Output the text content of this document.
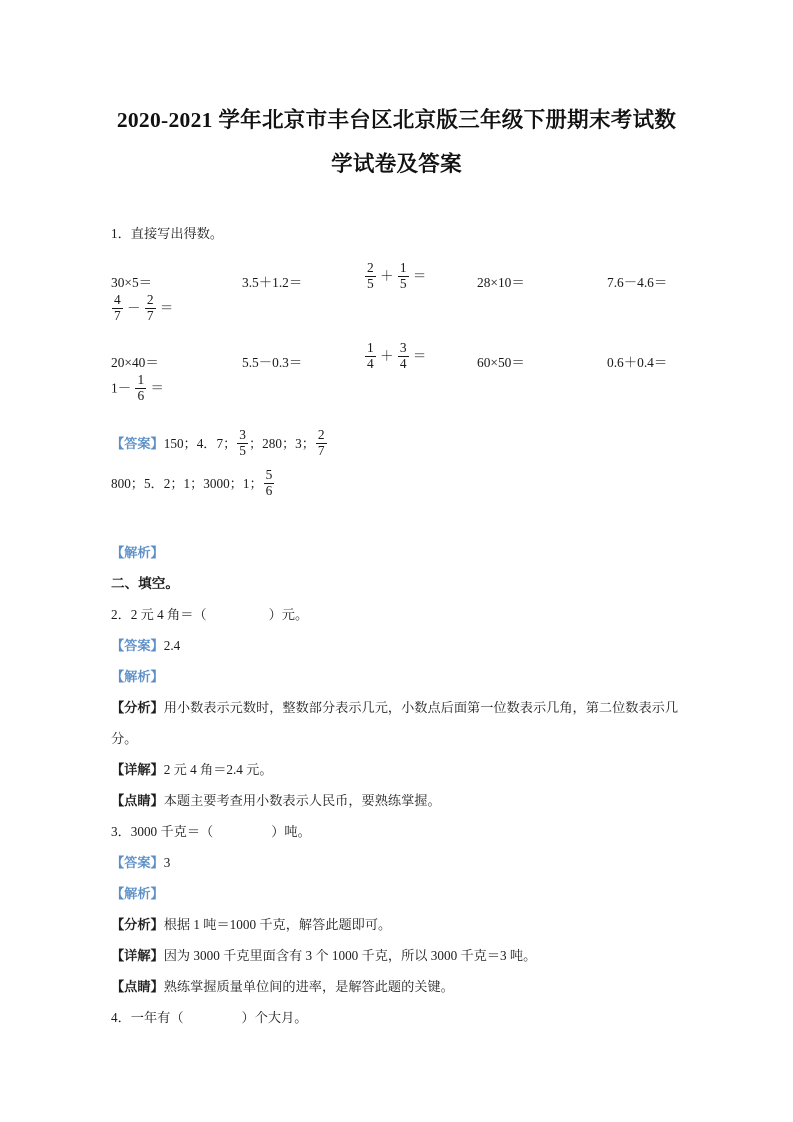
2020-2021 学年北京市丰台区北京版三年级下册期末考试数
学试卷及答案
1．直接写出得数。
30×5＝	3.5＋1.2＝	$\frac{2}{5} + \frac{1}{5}$ ＝	28×10＝	7.6－4.6＝
$\frac{4}{7} - \frac{2}{7}$ ＝
20×40＝	5.5－0.3＝	$\frac{1}{4} + \frac{3}{4}$ ＝	60×50＝	0.6＋0.4＝
$1- \frac{1}{6}$ ＝
【答案】150；4．7； $\frac{3}{5}$ ；280；3； $\frac{2}{7}$
800；5．2；1；3000；1； $\frac{5}{6}$
【解析】
二、填空。
2．2 元 4 角＝（	）元。
【答案】2.4
【解析】
【分析】用小数表示元数时，整数部分表示几元，小数点后面第一位数表示几角，第二位数表示几分。
【详解】2 元 4 角＝2.4 元。
【点睛】本题主要考查用小数表示人民币，要熟练掌握。
3．3000 千克＝（	）吨。
【答案】3
【解析】
【分析】根据 1 吨＝1000 千克，解答此题即可。
【详解】因为 3000 千克里面含有 3 个 1000 千克，所以 3000 千克＝3 吨。
【点睛】熟练掌握质量单位间的进率，是解答此题的关键。
4．一年有（	）个大月。
